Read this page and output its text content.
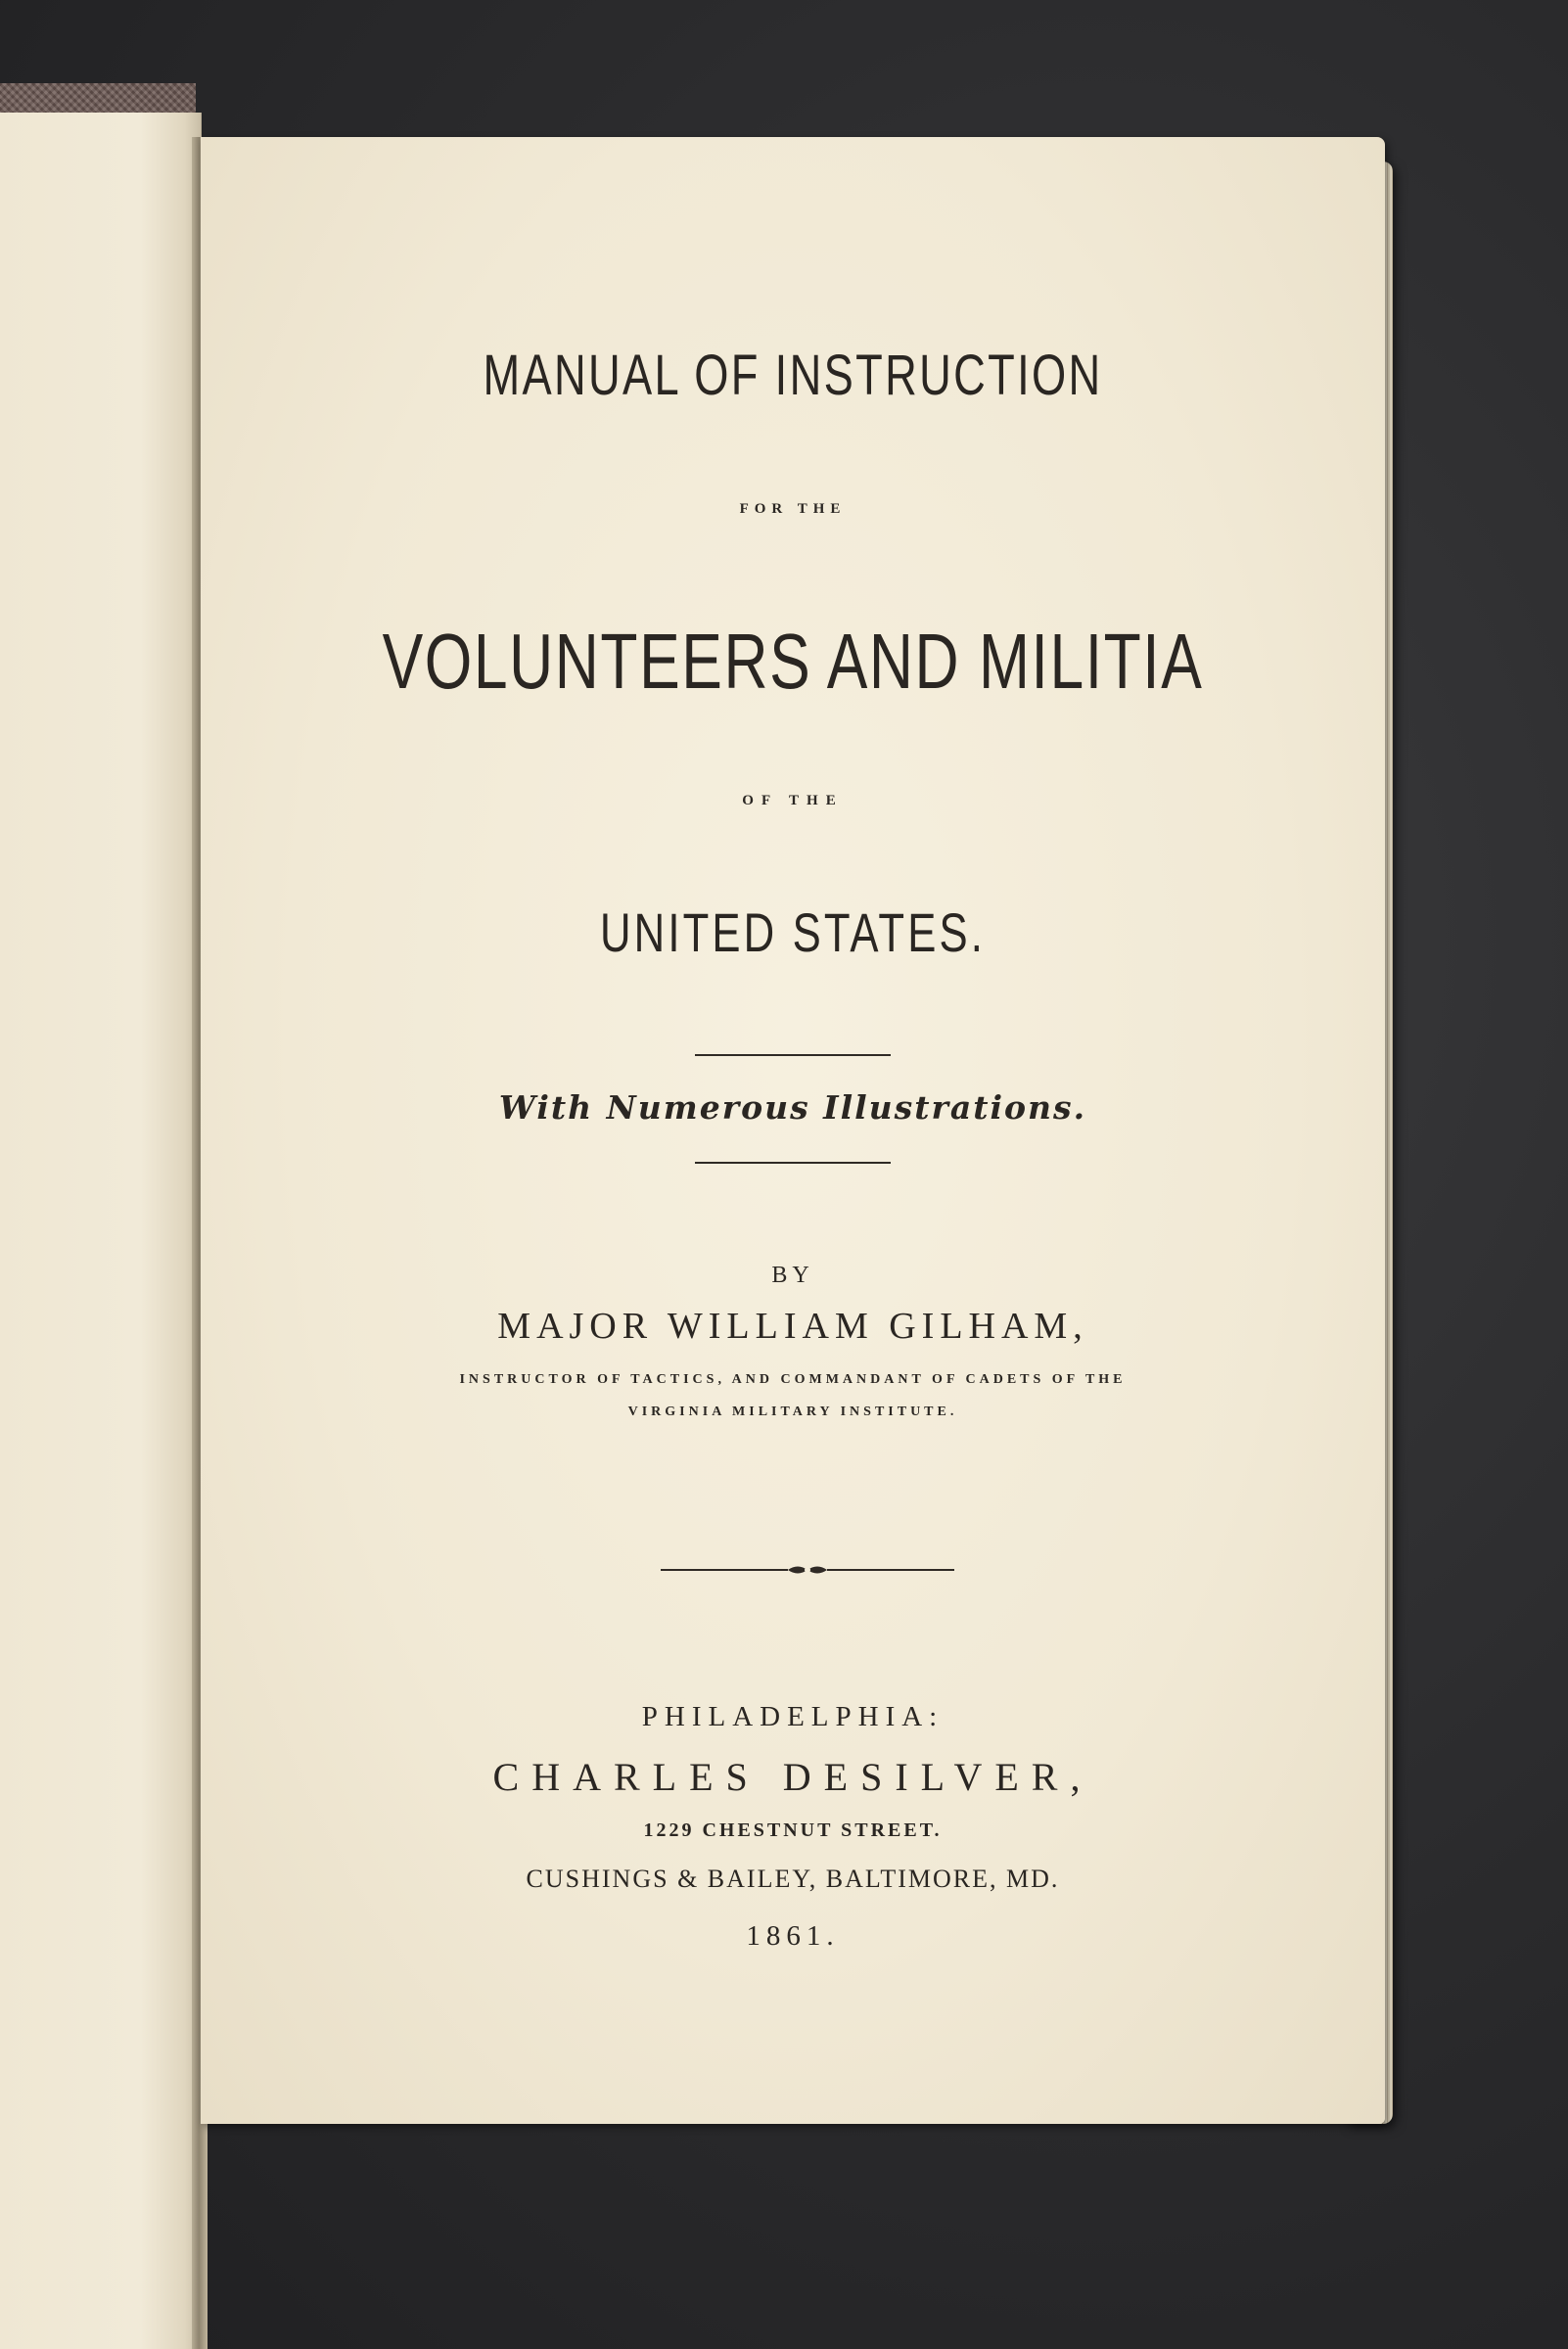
MANUAL OF INSTRUCTION
FOR THE
VOLUNTEERS AND MILITIA
OF THE
UNITED STATES.
With Numerous Illustrations.
BY
MAJOR WILLIAM GILHAM,
INSTRUCTOR OF TACTICS, AND COMMANDANT OF CADETS OF THE
VIRGINIA MILITARY INSTITUTE.
PHILADELPHIA:
CHARLES DESILVER,
1229 CHESTNUT STREET.
CUSHINGS & BAILEY, BALTIMORE, MD.
1861.
